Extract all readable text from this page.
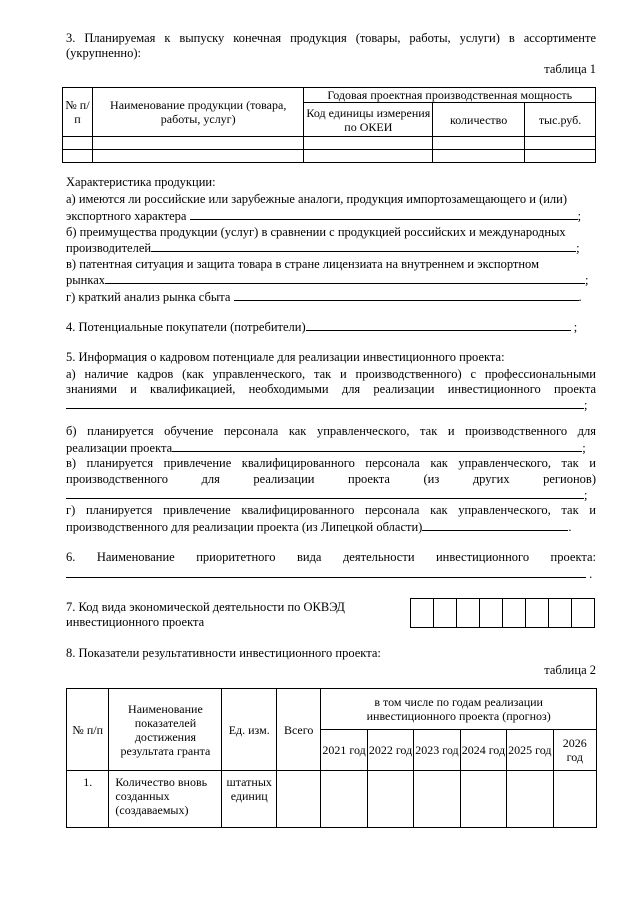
3. Планируемая к выпуску конечная продукция (товары, работы, услуги) в ассортименте
(укрупненно):
таблица 1
№ п/п	Наименование продукции (товара, работы, услуг)	Годовая проектная производственная мощность		
		Код единицы измерения по ОКЕИ	количество	тыс.руб.

Характеристика продукции:
а) имеются ли российские или зарубежные аналоги, продукция импортозамещающего и (или)
экспортного характера	;
б) преимущества продукции (услуг) в сравнении с продукцией российских и международных
производителей	;
в) патентная ситуация и защита товара в стране лицензиата на внутреннем и экспортном
рынках	;
г) краткий анализ рынка сбыта	.
4. Потенциальные покупатели (потребители)	;
5. Информация о кадровом потенциале для реализации инвестиционного проекта:
а) наличие кадров (как управленческого, так и производственного) с профессиональными
знаниями и квалификацией, необходимыми для реализации инвестиционного проекта
;
б) планируется обучение персонала как управленческого, так и производственного для
реализации проекта	;
в) планируется привлечение квалифицированного персонала как управленческого, так и
производственного для реализации проекта (из других регионов)
;
г) планируется привлечение квалифицированного персонала как управленческого, так и
производственного для реализации проекта (из Липецкой области)	.
6. Наименование приоритетного вида деятельности инвестиционного проекта:
.
7. Код вида экономической деятельности по ОКВЭД
инвестиционного проекта
8. Показатели результативности инвестиционного проекта:
таблица 2
№ п/п	Наименование показателей достижения результата гранта	Ед. изм.	Всего	в том числе по годам реализации инвестиционного проекта (прогноз)					
				2021 год	2022 год	2023 год	2024 год	2025 год	2026 год
1.	Количество вновь созданных (создаваемых)	штатных единиц							
